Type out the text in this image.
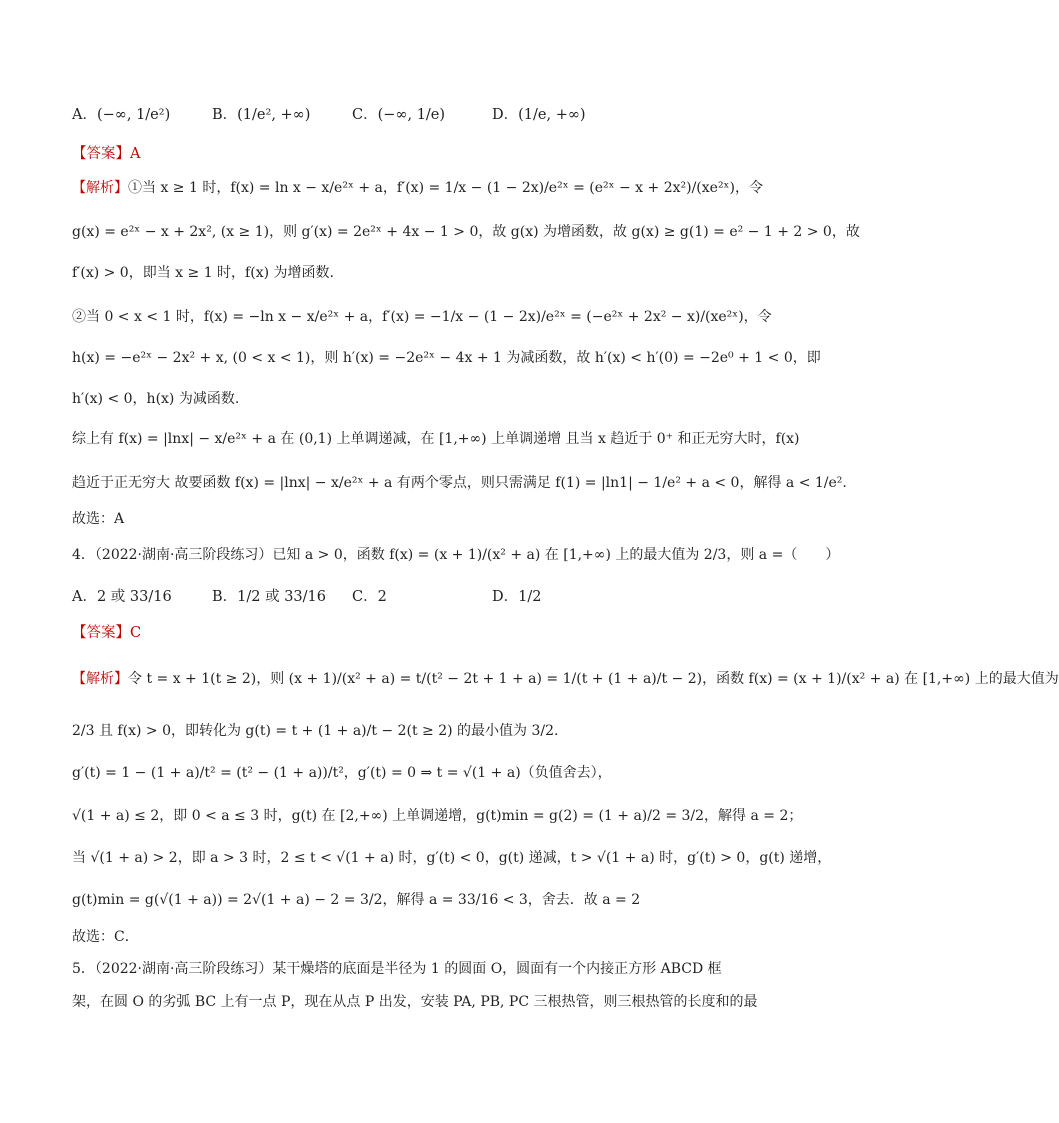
A．(−∞, 1/e²)	B．(1/e², +∞)	C．(−∞, 1/e)	D．(1/e, +∞)
【答案】A
【解析】①当 x ≥ 1 时，f(x) = ln x − x/e²ˣ + a，f′(x) = 1/x − (1 − 2x)/e²ˣ = (e²ˣ − x + 2x²)/(xe²ˣ)，令
g(x) = e²ˣ − x + 2x², (x ≥ 1)，则 g′(x) = 2e²ˣ + 4x − 1 > 0，故 g(x) 为增函数，故 g(x) ≥ g(1) = e² − 1 + 2 > 0，故
f′(x) > 0，即当 x ≥ 1 时，f(x) 为增函数.
②当 0 < x < 1 时，f(x) = −ln x − x/e²ˣ + a，f′(x) = −1/x − (1 − 2x)/e²ˣ = (−e²ˣ + 2x² − x)/(xe²ˣ)，令
h(x) = −e²ˣ − 2x² + x, (0 < x < 1)，则 h′(x) = −2e²ˣ − 4x + 1 为减函数，故 h′(x) < h′(0) = −2e⁰ + 1 < 0，即
h′(x) < 0，h(x) 为减函数.
综上有 f(x) = |lnx| − x/e²ˣ + a 在 (0,1) 上单调递减，在 [1,+∞) 上单调递增 且当 x 趋近于 0⁺ 和正无穷大时，f(x)
趋近于正无穷大 故要函数 f(x) = |lnx| − x/e²ˣ + a 有两个零点，则只需满足 f(1) = |ln1| − 1/e² + a < 0，解得 a < 1/e².
故选：A
4．（2022·湖南·高三阶段练习）已知 a > 0，函数 f(x) = (x + 1)/(x² + a) 在 [1,+∞) 上的最大值为 2/3，则 a =（　　）
A．2 或 33/16	B．1/2 或 33/16	C．2	D．1/2
【答案】C
【解析】令 t = x + 1(t ≥ 2)，则 (x + 1)/(x² + a) = t/(t² − 2t + 1 + a) = 1/(t + (1 + a)/t − 2)，函数 f(x) = (x + 1)/(x² + a) 在 [1,+∞) 上的最大值为
2/3 且 f(x) > 0，即转化为 g(t) = t + (1 + a)/t − 2(t ≥ 2) 的最小值为 3/2.
g′(t) = 1 − (1 + a)/t² = (t² − (1 + a))/t²，g′(t) = 0 ⇒ t = √(1 + a)（负值舍去），
√(1 + a) ≤ 2，即 0 < a ≤ 3 时，g(t) 在 [2,+∞) 上单调递增，g(t)min = g(2) = (1 + a)/2 = 3/2，解得 a = 2；
当 √(1 + a) > 2，即 a > 3 时，2 ≤ t < √(1 + a) 时，g′(t) < 0，g(t) 递减，t > √(1 + a) 时，g′(t) > 0，g(t) 递增，
g(t)min = g(√(1 + a)) = 2√(1 + a) − 2 = 3/2，解得 a = 33/16 < 3，舍去．故 a = 2
故选：C．
5．（2022·湖南·高三阶段练习）某干燥塔的底面是半径为 1 的圆面 O，圆面有一个内接正方形 ABCD 框
架，在圆 O 的劣弧 BC 上有一点 P，现在从点 P 出发，安装 PA, PB, PC 三根热管，则三根热管的长度和的最
